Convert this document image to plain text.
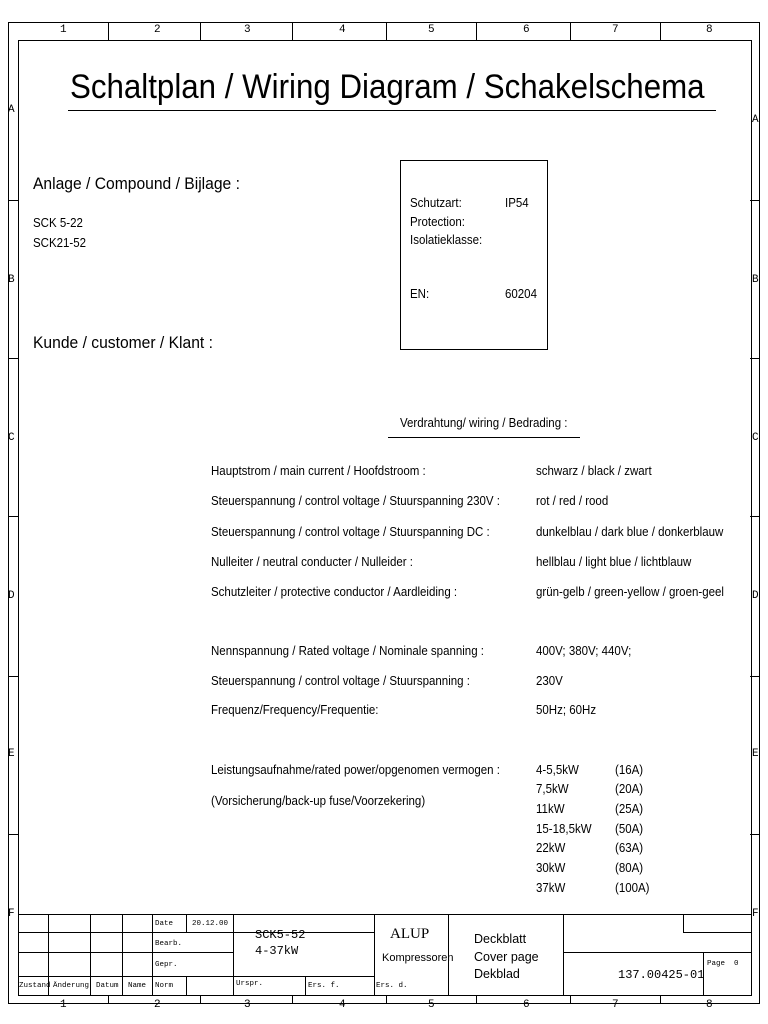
1	2	3	4	5	6	7	8
1	2	3	4	5	6	7	8
A
A
B	B
C	C
D	D
E	E
F	F
Schaltplan / Wiring Diagram / Schakelschema
Anlage / Compound / Bijlage :
SCK 5-22
SCK21-52
Kunde / customer / Klant :
Schutzart:	IP54
Protection:
Isolatieklasse:
EN:	60204
Verdrahtung/ wiring / Bedrading :
Hauptstrom / main current / Hoofdstroom :	schwarz / black / zwart
Steuerspannung / control voltage / Stuurspanning 230V :	rot / red / rood
Steuerspannung / control voltage / Stuurspanning DC :	dunkelblau / dark blue / donkerblauw
Nulleiter / neutral conducter / Nulleider :	hellblau / light blue / lichtblauw
Schutzleiter / protective conductor / Aardleiding :	grün-gelb / green-yellow / groen-geel
Nennspannung / Rated voltage / Nominale spanning :	400V; 380V; 440V;
Steuerspannung / control voltage / Stuurspanning :	230V
Frequenz/Frequency/Frequentie:	50Hz; 60Hz
Leistungsaufnahme/rated power/opgenomen vermogen :
(Vorsicherung/back-up fuse/Voorzekering)
4-5,5kW	(16A)
7,5kW	(20A)
11kW	(25A)
15-18,5kW (50A)
22kW	(63A)
30kW	(80A)
37kW	(100A)
Date	20.12.00
Bearb.
Gepr.
Norm
Zustand Änderung Datum Name	Urspr.	Ers. f.	Ers. d.
SCK5-52
4-37kW
ALUP
Kompressoren
Deckblatt
Cover page
Dekblad	137.00425-01
Page 0
